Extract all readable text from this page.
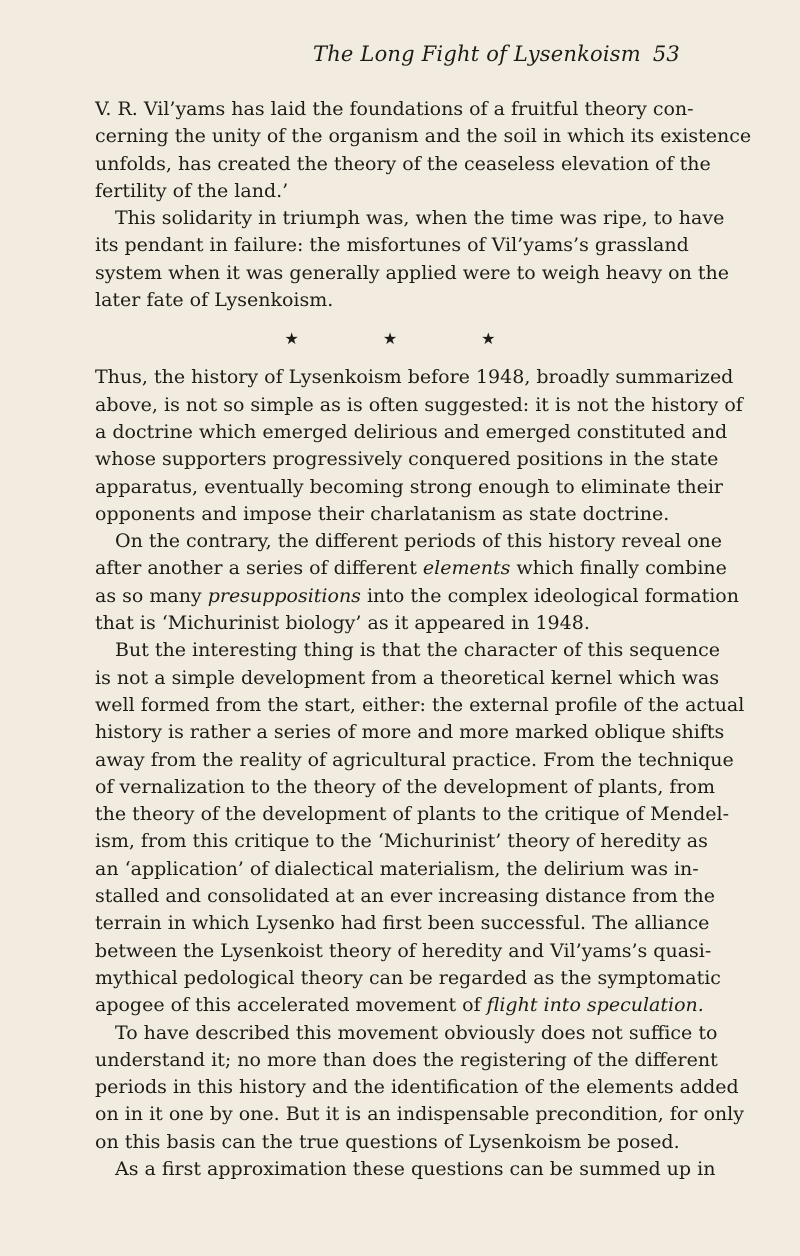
The Long Fight of Lysenkoism 53
V. R. Vil’yams has laid the foundations of a fruitful theory con-
cerning the unity of the organism and the soil in which its existence
unfolds, has created the theory of the ceaseless elevation of the
fertility of the land.’
This solidarity in triumph was, when the time was ripe, to have
its pendant in failure: the misfortunes of Vil’yams’s grassland
system when it was generally applied were to weigh heavy on the
later fate of Lysenkoism.
★	★	★
Thus, the history of Lysenkoism before 1948, broadly summarized
above, is not so simple as is often suggested: it is not the history of
a doctrine which emerged delirious and emerged constituted and
whose supporters progressively conquered positions in the state
apparatus, eventually becoming strong enough to eliminate their
opponents and impose their charlatanism as state doctrine.
On the contrary, the different periods of this history reveal one
after another a series of different elements which finally combine
as so many presuppositions into the complex ideological formation
that is ‘Michurinist biology’ as it appeared in 1948.
But the interesting thing is that the character of this sequence
is not a simple development from a theoretical kernel which was
well formed from the start, either: the external profile of the actual
history is rather a series of more and more marked oblique shifts
away from the reality of agricultural practice. From the technique
of vernalization to the theory of the development of plants, from
the theory of the development of plants to the critique of Mendel-
ism, from this critique to the ‘Michurinist’ theory of heredity as
an ‘application’ of dialectical materialism, the delirium was in-
stalled and consolidated at an ever increasing distance from the
terrain in which Lysenko had first been successful. The alliance
between the Lysenkoist theory of heredity and Vil’yams’s quasi-
mythical pedological theory can be regarded as the symptomatic
apogee of this accelerated movement of flight into speculation.
To have described this movement obviously does not suffice to
understand it; no more than does the registering of the different
periods in this history and the identification of the elements added
on in it one by one. But it is an indispensable precondition, for only
on this basis can the true questions of Lysenkoism be posed.
As a first approximation these questions can be summed up in
